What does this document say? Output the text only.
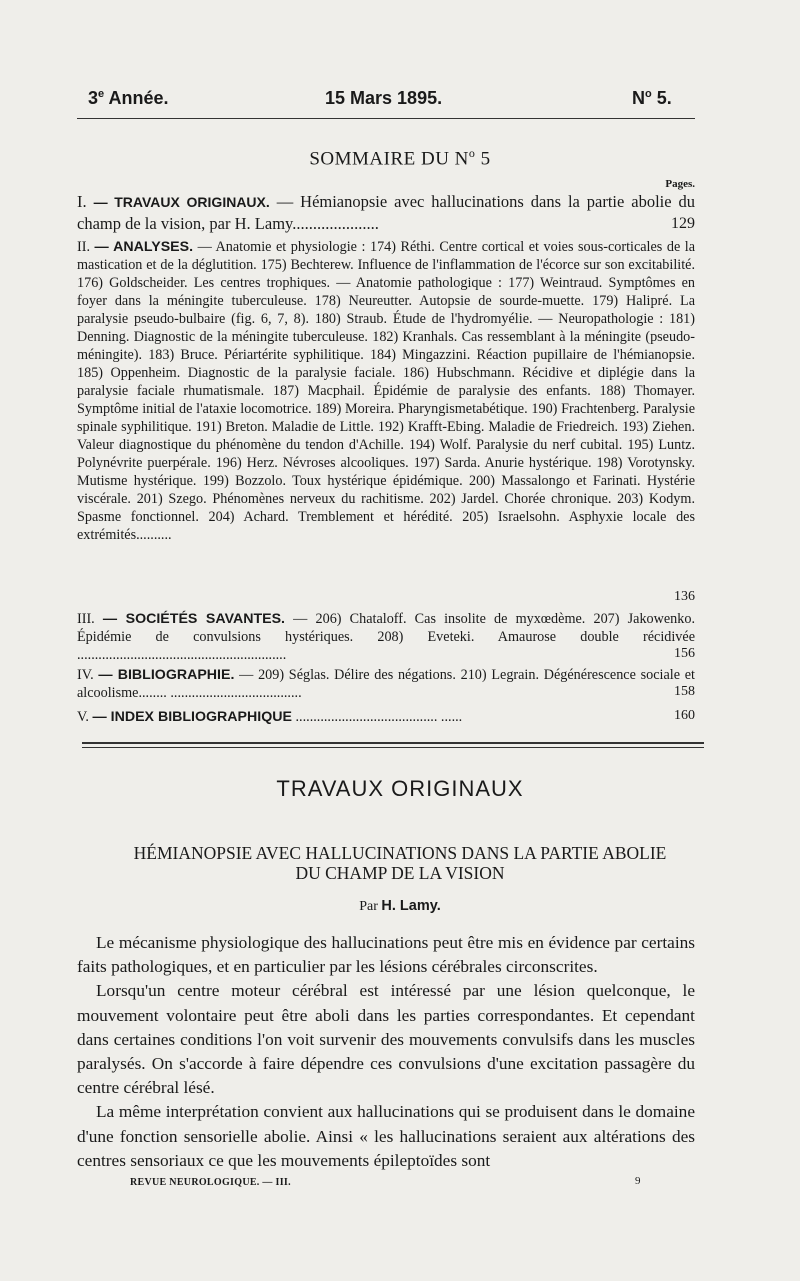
3e Année.	15 Mars 1895.	$N^o$ 5.
SOMMAIRE DU $N^o$ 5
Pages.
I. — TRAVAUX ORIGINAUX. — Hémianopsie avec hallucinations dans la partie abolie du champ de la vision, par H. Lamy.....................	129
II. — ANALYSES. — Anatomie et physiologie : 174) Réthi. Centre cortical et voies sous-corticales de la mastication et de la déglutition. 175) Bechterew. Influence de l'inflammation de l'écorce sur son excitabilité. 176) Goldscheider. Les centres trophiques. — Anatomie pathologique : 177) Weintraud. Symptômes en foyer dans la méningite tuberculeuse. 178) Neureutter. Autopsie de sourde-muette. 179) Halipré. La paralysie pseudo-bulbaire (fig. 6, 7, 8). 180) Straub. Étude de l'hydromyélie. — Neuropathologie : 181) Denning. Diagnostic de la méningite tuberculeuse. 182) Kranhals. Cas ressemblant à la méningite (pseudo-méningite). 183) Bruce. Périartérite syphilitique. 184) Mingazzini. Réaction pupillaire de l'hémianopsie. 185) Oppenheim. Diagnostic de la paralysie faciale. 186) Hubschmann. Récidive et diplégie dans la paralysie faciale rhumatismale. 187) Macphail. Épidémie de paralysie des enfants. 188) Thomayer. Symptôme initial de l'ataxie locomotrice. 189) Moreira. Pharyngismetabétique. 190) Frachtenberg. Paralysie spinale syphilitique. 191) Breton. Maladie de Little. 192) Krafft-Ebing. Maladie de Friedreich. 193) Ziehen. Valeur diagnostique du phénomène du tendon d'Achille. 194) Wolf. Paralysie du nerf cubital. 195) Luntz. Polynévrite puerpérale. 196) Herz. Névroses alcooliques. 197) Sarda. Anurie hystérique. 198) Vorotynsky. Mutisme hystérique. 199) Bozzolo. Toux hystérique épidémique. 200) Massalongo et Farinati. Hystérie viscérale. 201) Szego. Phénomènes nerveux du rachitisme. 202) Jardel. Chorée chronique. 203) Kodym. Spasme fonctionnel. 204) Achard. Tremblement et hérédité. 205) Israelsohn. Asphyxie locale des extrémités..........
136
III. — SOCIÉTÉS SAVANTES. — 206) Chataloff. Cas insolite de myxœdème. 207) Jakowenko. Épidémie de convulsions hystériques. 208) Eveteki. Amaurose double récidivée ...........................................................	156
IV. — BIBLIOGRAPHIE. — 209) Séglas. Délire des négations. 210) Legrain. Dégénérescence sociale et alcoolisme........ .....................................	158
V. — INDEX BIBLIOGRAPHIQUE ........................................ ......	160
TRAVAUX ORIGINAUX
HÉMIANOPSIE AVEC HALLUCINATIONS DANS LA PARTIE ABOLIE
DU CHAMP DE LA VISION
Par H. Lamy.

Le mécanisme physiologique des hallucinations peut être mis en évidence par certains faits pathologiques, et en particulier par les lésions cérébrales circonscrites.

Lorsqu'un centre moteur cérébral est intéressé par une lésion quelconque, le mouvement volontaire peut être aboli dans les parties correspondantes. Et cependant dans certaines conditions l'on voit survenir des mouvements convulsifs dans les muscles paralysés. On s'accorde à faire dépendre ces convulsions d'une excitation passagère du centre cérébral lésé.

La même interprétation convient aux hallucinations qui se produisent dans le domaine d'une fonction sensorielle abolie. Ainsi « les hallucinations seraient aux altérations des centres sensoriaux ce que les mouvements épileptoïdes sont

REVUE NEUROLOGIQUE. — III.	9
